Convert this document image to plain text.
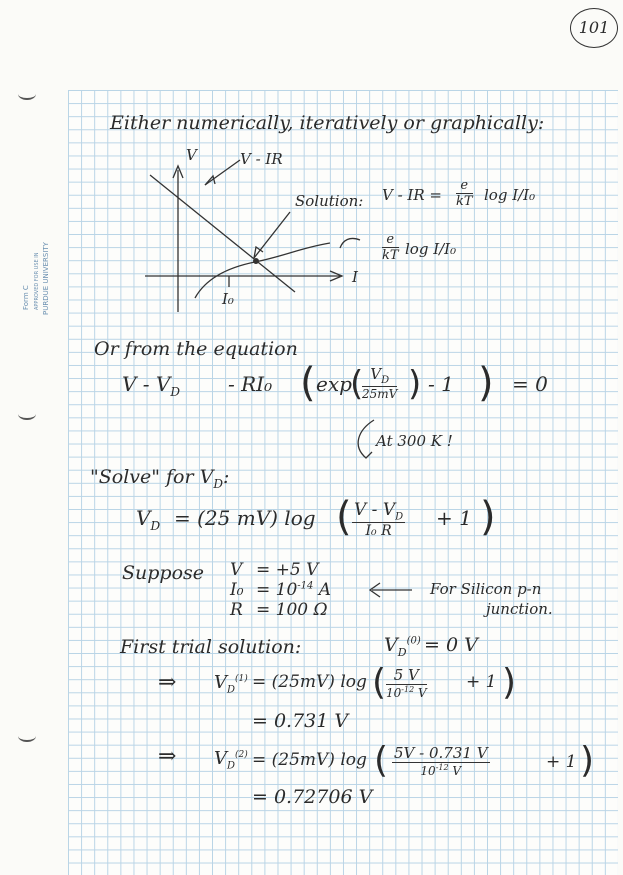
Form C APPROVED FOR USE IN PURDUE UNIVERSITY
101
Either numerically, iteratively or graphically:
V
I
V - IR
Solution: V - IR = $\frac{e}{kT}$ log I/I₀
$\frac{e}{kT}$ log I/I₀
I₀
Or from the equation
V - $V_D - RI_0$ ( exp
( $V_D$
25mV ) - 1 ) = 0
At 300 K !
"Solve" for $V_D$:
$V_D = (25$ mV) log ( V - $V_D$
I₀ R
+ 1 )
Suppose V = +5 V
$I_0 = 10^{-14}$ A
R = 100 Ω
For Silicon p-n
junction.
First trial solution:	$V_D^{(0)} = 0$ V
⇒ $V_D^{(1)} = (25mV)$ log ( 5 V
$10^{-12}$ V
+ 1 )
= 0.731 V
⇒ $V_D^{(2)} = (25mV)$ log ( 5V - 0.731 V
$10^{-12}$ V	+ 1 )
= 0.72706 V
